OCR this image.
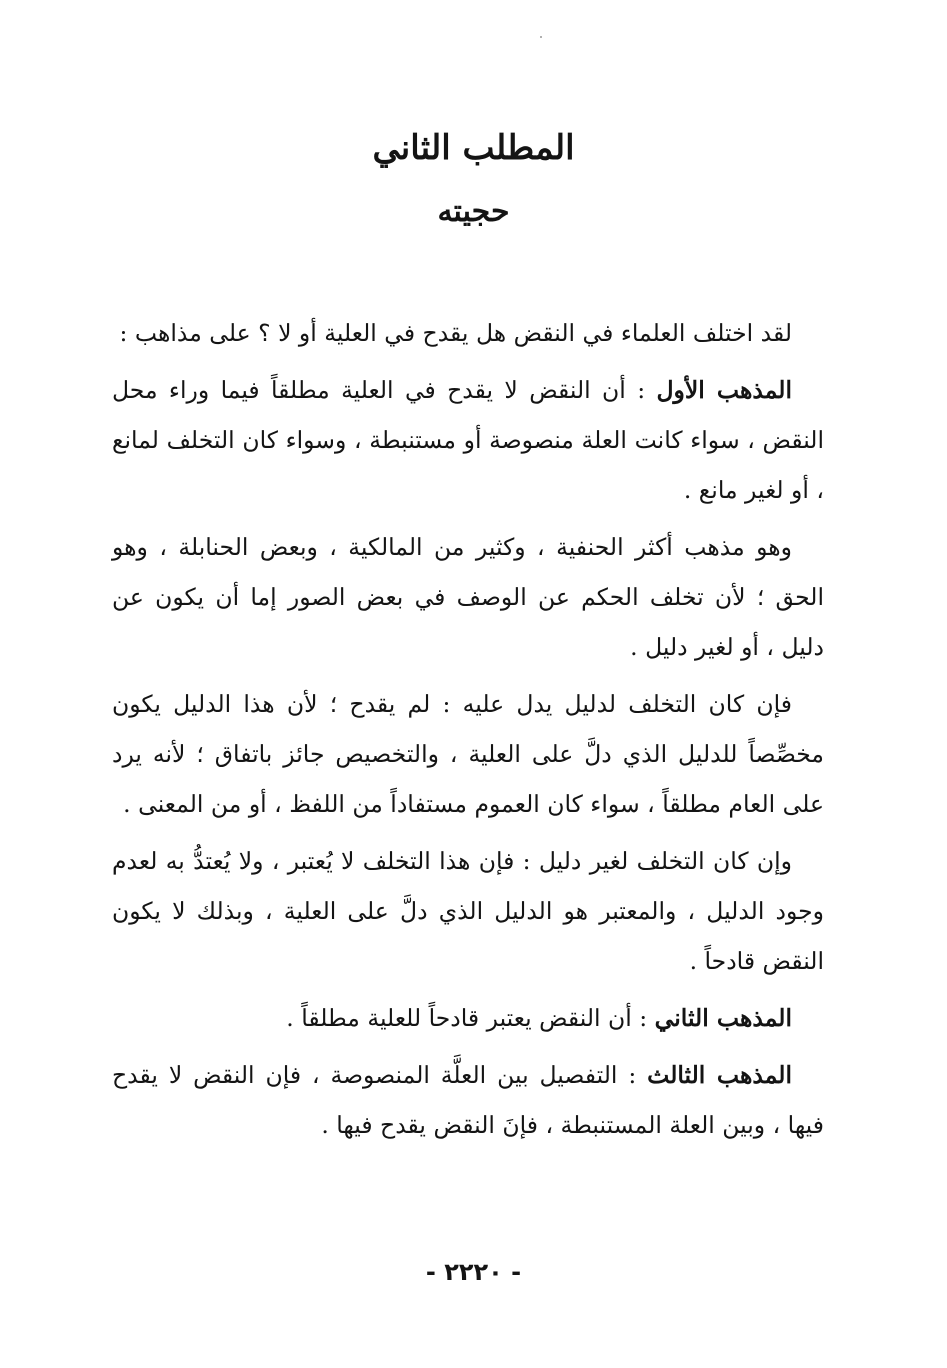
المطلب الثاني
حجيته

لقد اختلف العلماء في النقض هل يقدح في العلية أو لا ؟ على مذاهب :

المذهب الأول : أن النقض لا يقدح في العلية مطلقاً فيما وراء محل النقض ، سواء كانت العلة منصوصة أو مستنبطة ، وسواء كان التخلف لمانع ، أو لغير مانع .

وهو مذهب أكثر الحنفية ، وكثير من المالكية ، وبعض الحنابلة ، وهو الحق ؛ لأن تخلف الحكم عن الوصف في بعض الصور إما أن يكون عن دليل ، أو لغير دليل .

فإن كان التخلف لدليل يدل عليه : لم يقدح ؛ لأن هذا الدليل يكون مخصِّصاً للدليل الذي دلَّ على العلية ، والتخصيص جائز باتفاق ؛ لأنه يرد على العام مطلقاً ، سواء كان العموم مستفاداً من اللفظ ، أو من المعنى .

وإن كان التخلف لغير دليل : فإن هذا التخلف لا يُعتبر ، ولا يُعتدُّ به لعدم وجود الدليل ، والمعتبر هو الدليل الذي دلَّ على العلية ، وبذلك لا يكون النقض قادحاً .

المذهب الثاني : أن النقض يعتبر قادحاً للعلية مطلقاً .

المذهب الثالث : التفصيل بين العلَّة المنصوصة ، فإن النقض لا يقدح فيها ، وبين العلة المستنبطة ، فإنَ النقض يقدح فيها .

- ٢٢٢٠ -
